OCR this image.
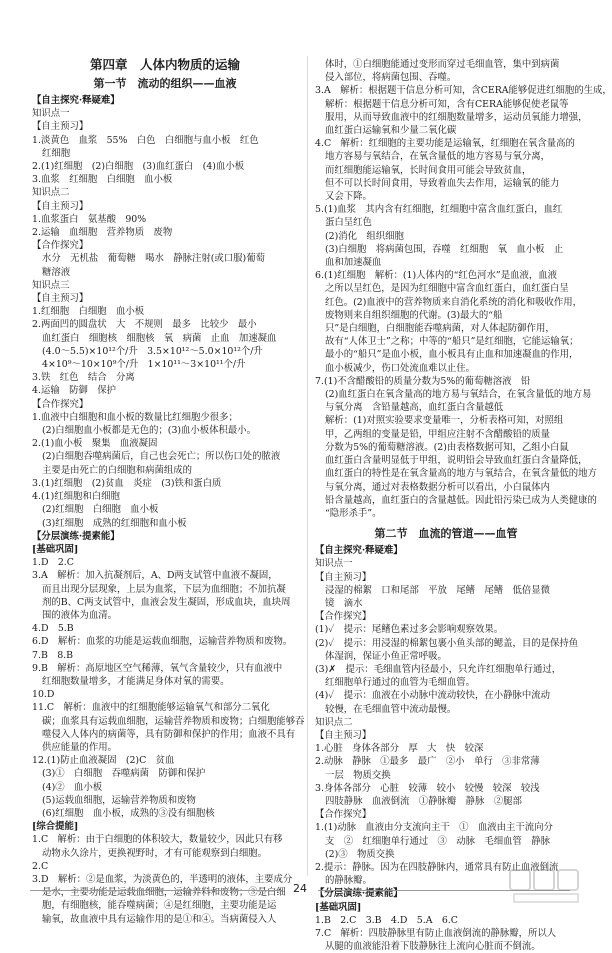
第四章　人体内物质的运输
第一节　流动的组织——血液
【自主探究·释疑难】
知识点一
【自主预习】
1.淡黄色　血浆　55%　白色　白细胞与血小板　红色
红细胞
2.(1)红细胞　(2)白细胞　(3)血红蛋白　(4)血小板
3.血浆　红细胞　白细胞　血小板
知识点二
【自主预习】
1.血浆蛋白　氨基酸　90%
2.运输　血细胞　营养物质　废物
【合作探究】
水分　无机盐　葡萄糖　喝水　静脉注射(或口服)葡萄
糖溶液
知识点三
【自主预习】
1.红细胞　白细胞　血小板
2.两面凹的圆盘状　大　不规则　最多　比较少　最小
血红蛋白　细胞核　细胞核　氧　病菌　止血　加速凝血
(4.0～5.5)×10¹²个/升　3.5×10¹²～5.0×10¹²个/升
4×10⁹～10×10⁹个/升　1×10¹¹～3×10¹¹个/升
3.铁　红色　结合　分离
4.运输　防御　保护
【合作探究】
1.血液中白细胞和血小板的数量比红细胞少很多；
(2)白细胞血小板都是无色的；(3)血小板体积最小。
2.(1)血小板　聚集　血液凝固
(2)白细胞吞噬病菌后，自己也会死亡；所以伤口处的脓液
主要是由死亡的白细胞和病菌组成的
3.(1)红细胞　(2)贫血　炎症　(3)铁和蛋白质
4.(1)红细胞和白细胞
(2)红细胞　白细胞　血小板
(3)红细胞　成熟的红细胞和血小板
【分层演练·提素能】
[基础巩固]
1.D　2.C
3.A　解析：加入抗凝剂后，A、D两支试管中血液不凝固，
而且出现分层现象，上层为血浆，下层为血细胞；不加抗凝
剂的B、C两支试管中，血液会发生凝固，形成血块，血块周
围的液体为血清。
4.D　5.B
6.D　解析：血浆的功能是运载血细胞，运输营养物质和废物。
7.B　8.B
9.B　解析：高原地区空气稀薄，氧气含量较少，只有血液中
红细胞数量增多，才能满足身体对氧的需要。
10.D
11.C　解析：血液中的红细胞能够运输氧气和部分二氧化
碳；血浆具有运载血细胞，运输营养物质和废物；白细胞能够吞
噬侵入人体内的病菌等，具有防御和保护的作用；血液不具有
供应能量的作用。
12.(1)防止血液凝固　(2)C　贫血
(3)①　白细胞　吞噬病菌　防御和保护
(4)②　血小板
(5)运载血细胞，运输营养物质和废物
(6)红细胞　血小板，成熟的③没有细胞核
[综合提能]
1.C　解析：由于白细胞的体积较大，数量较少，因此只有移
动物永久涂片，更换视野时，才有可能观察到白细胞。
2.C
3.D　解析：②是血浆，为淡黄色的，半透明的液体，主要成分
是水，主要功能是运载血细胞，运输养料和废物；③是白细
胞，有细胞核，能吞噬病菌；④是红细胞，主要功能是运
输氧，故血液中具有运输作用的是①和④。当病菌侵入人
体时，①白细胞能通过变形而穿过毛细血管，集中到病菌
侵入部位，将病菌包围、吞噬。
3.A　解析：根据题干信息分析可知，含CERA能够促进红细胞的生成，
解析：根据题干信息分析可知，含有CERA能够促使老鼠等
服用，从而导致血液中的红细胞数量增多，运动员氧能力增强，
血红蛋白运输氧和少量二氧化碳
4.C　解析：红细胞的主要功能是运输氧，红细胞在氧含量高的
地方容易与氧结合，在氧含量低的地方容易与氧分离，
而红细胞能运输氧，长时间食用可能会导致贫血，
但不可以长时间食用，导致着血失去作用，运输氧的能力
又会下降。
5.(1)血浆　其内含有红细胞，红细胞中富含血红蛋白，血红
蛋白呈红色
(2)消化　组织细胞
(3)白细胞　将病菌包围，吞噬　红细胞　氧　血小板　止
血和加速凝血
6.(1)红细胞　解析：(1)人体内的“红色河水”是血液，血液
之所以呈红色，是因为红细胞中富含血红蛋白，血红蛋白呈
红色。(2)血液中的营养物质来自消化系统的消化和吸收作用，
废物则来自组织细胞的代谢。(3)最大的“船
只”是白细胞，白细胞能吞噬病菌，对人体起防御作用，
故有“人体卫士”之称；中等的“船只”是红细胞，它能运输氧；
最小的“船只”是血小板，血小板具有止血和加速凝血的作用，
血小板减少，伤口处流血难以止住。
7.(1)不含醋酸铅的质量分数为5%的葡萄糖溶液　铅
(2)血红蛋白在氧含量高的地方易与氧结合，在氧含量低的地方易
与氧分离　含铅量越高，血红蛋白含量越低
解析：(1)对照实验要求变量唯一，分析表格可知，对照组
甲，乙两组的变量是铅，甲组应注射不含醋酸铅的质量
分数为5%的葡萄糖溶液。(2)由表格数据可知，乙组小白鼠
血红蛋白含量明显低于甲组，说明铅会导致血红蛋白含量降低，
血红蛋白的特性是在氧含量高的地方与氧结合，在氧含量低的地方
与氧分离，通过对表格数据分析可以看出，小白鼠体内
铅含量越高，血红蛋白的含量越低。因此铅污染已成为人类健康的
“隐形杀手”。
第二节　血流的管道——血管
【自主探究·释疑难】
知识点一
【自主预习】
浸湿的棉絮　口和尾部　平放　尾鳍　尾鳍　低倍显微
镜　滴水
【合作探究】
(1)✓　提示：尾鳍色素过多会影响观察效果。
(2)✓　提示：用浸湿的棉絮包裹小鱼头部的鳃盖，目的是保持鱼
体湿润，保证小鱼正常呼吸。
(3)✗　提示：毛细血管内径最小，只允许红细胞单行通过，
红细胞单行通过的血管为毛细血管。
(4)✓　提示：血液在小动脉中流动较快，在小静脉中流动
较慢，在毛细血管中流动最慢。
知识点二
【自主预习】
1.心脏　身体各部分　厚　大　快　较深
2.动脉　静脉　①最多　最广　②小　单行　③非常薄
一层　物质交换
3.身体各部分　心脏　较薄　较小　较慢　较深　较浅
四肢静脉　血液倒流　①静脉瓣　静脉　②腿部
【合作探究】
1.(1)动脉　血液由分支流向主干　①　血液由主干流向分
支　②　红细胞单行通过　③　动脉　毛细血管　静脉
(2)③　物质交换
2.提示：静脉。因为在四肢静脉内，通常具有防止血液倒流
的静脉瓣。
【分层演练·提素能】
[基础巩固]
1.B　2.C　3.B　4.D　5.A　6.C
7.C　解析：四肢静脉里有防止血液倒流的静脉瓣，所以人
从腿的血液能沿着下肢静脉往上流向心脏而不倒流。
24
